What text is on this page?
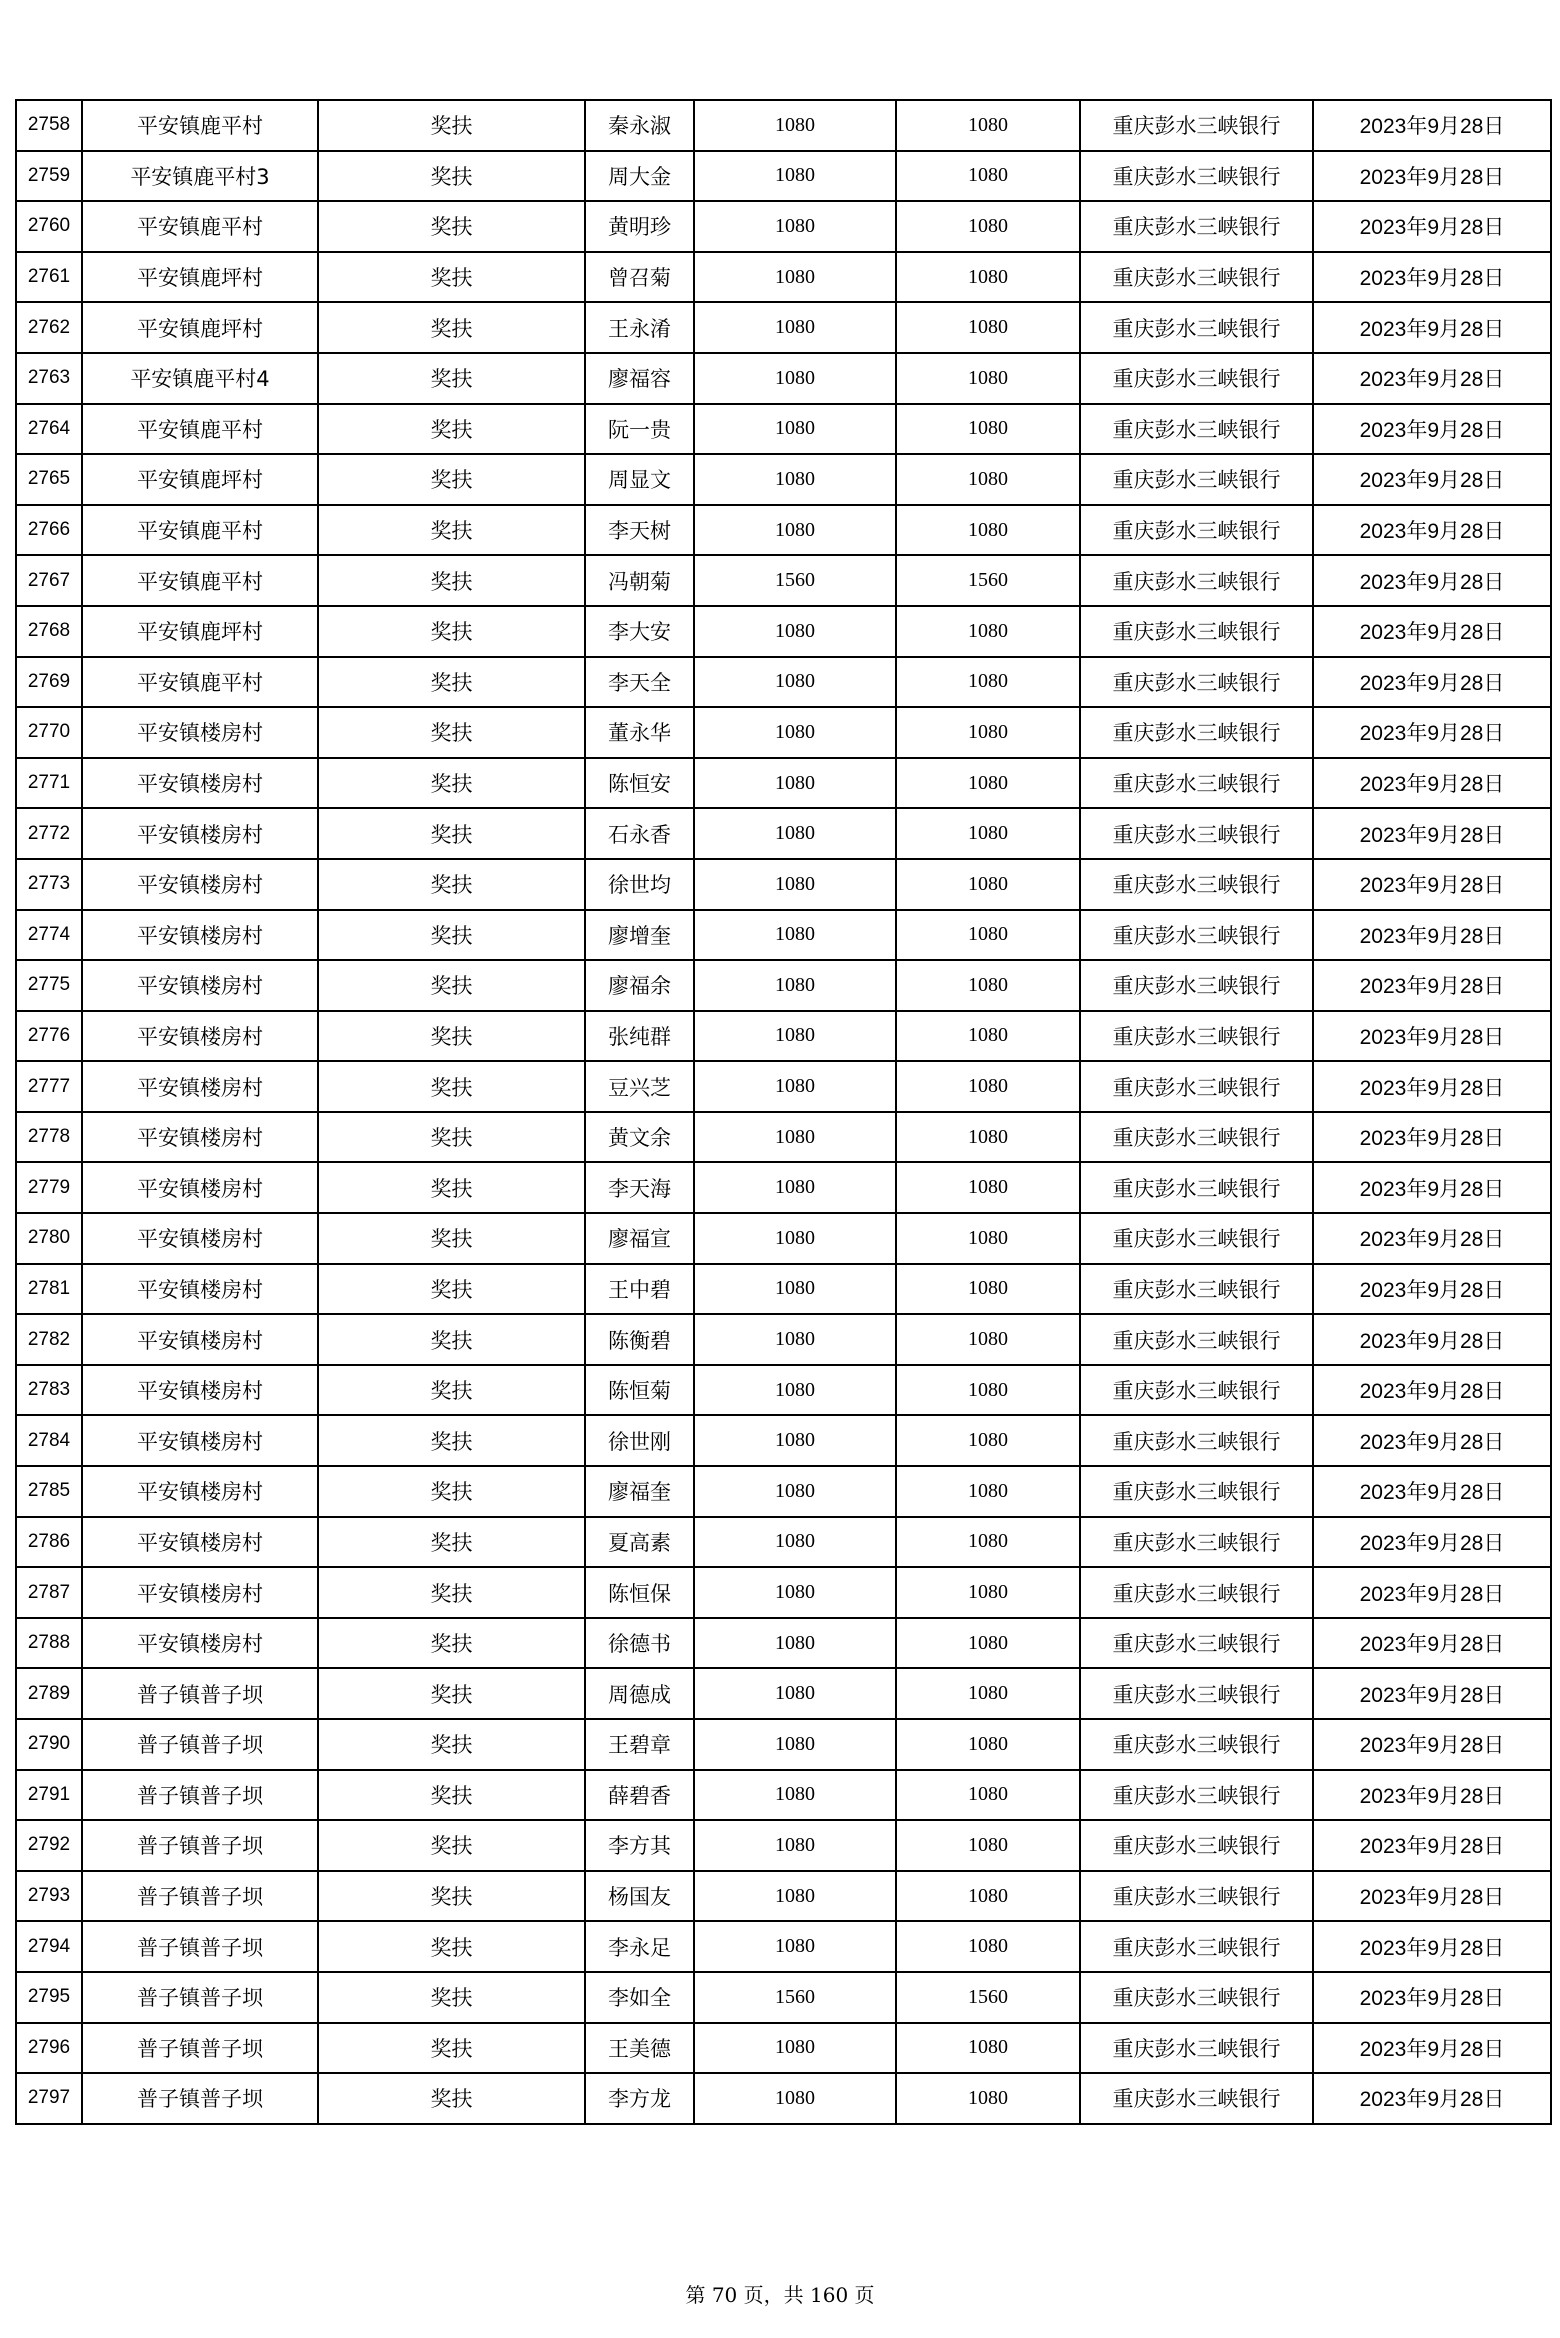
2758	平安镇鹿平村	奖扶	秦永淑	1080	1080	重庆彭水三峡银行	2023年9月28日
2759	平安镇鹿平村3	奖扶	周大金	1080	1080	重庆彭水三峡银行	2023年9月28日
2760	平安镇鹿平村	奖扶	黄明珍	1080	1080	重庆彭水三峡银行	2023年9月28日
2761	平安镇鹿坪村	奖扶	曾召菊	1080	1080	重庆彭水三峡银行	2023年9月28日
2762	平安镇鹿坪村	奖扶	王永淆	1080	1080	重庆彭水三峡银行	2023年9月28日
2763	平安镇鹿平村4	奖扶	廖福容	1080	1080	重庆彭水三峡银行	2023年9月28日
2764	平安镇鹿平村	奖扶	阮一贵	1080	1080	重庆彭水三峡银行	2023年9月28日
2765	平安镇鹿坪村	奖扶	周显文	1080	1080	重庆彭水三峡银行	2023年9月28日
2766	平安镇鹿平村	奖扶	李天树	1080	1080	重庆彭水三峡银行	2023年9月28日
2767	平安镇鹿平村	奖扶	冯朝菊	1560	1560	重庆彭水三峡银行	2023年9月28日
2768	平安镇鹿坪村	奖扶	李大安	1080	1080	重庆彭水三峡银行	2023年9月28日
2769	平安镇鹿平村	奖扶	李天全	1080	1080	重庆彭水三峡银行	2023年9月28日
2770	平安镇楼房村	奖扶	董永华	1080	1080	重庆彭水三峡银行	2023年9月28日
2771	平安镇楼房村	奖扶	陈恒安	1080	1080	重庆彭水三峡银行	2023年9月28日
2772	平安镇楼房村	奖扶	石永香	1080	1080	重庆彭水三峡银行	2023年9月28日
2773	平安镇楼房村	奖扶	徐世均	1080	1080	重庆彭水三峡银行	2023年9月28日
2774	平安镇楼房村	奖扶	廖增奎	1080	1080	重庆彭水三峡银行	2023年9月28日
2775	平安镇楼房村	奖扶	廖福余	1080	1080	重庆彭水三峡银行	2023年9月28日
2776	平安镇楼房村	奖扶	张纯群	1080	1080	重庆彭水三峡银行	2023年9月28日
2777	平安镇楼房村	奖扶	豆兴芝	1080	1080	重庆彭水三峡银行	2023年9月28日
2778	平安镇楼房村	奖扶	黄文余	1080	1080	重庆彭水三峡银行	2023年9月28日
2779	平安镇楼房村	奖扶	李天海	1080	1080	重庆彭水三峡银行	2023年9月28日
2780	平安镇楼房村	奖扶	廖福宣	1080	1080	重庆彭水三峡银行	2023年9月28日
2781	平安镇楼房村	奖扶	王中碧	1080	1080	重庆彭水三峡银行	2023年9月28日
2782	平安镇楼房村	奖扶	陈衡碧	1080	1080	重庆彭水三峡银行	2023年9月28日
2783	平安镇楼房村	奖扶	陈恒菊	1080	1080	重庆彭水三峡银行	2023年9月28日
2784	平安镇楼房村	奖扶	徐世刚	1080	1080	重庆彭水三峡银行	2023年9月28日
2785	平安镇楼房村	奖扶	廖福奎	1080	1080	重庆彭水三峡银行	2023年9月28日
2786	平安镇楼房村	奖扶	夏高素	1080	1080	重庆彭水三峡银行	2023年9月28日
2787	平安镇楼房村	奖扶	陈恒保	1080	1080	重庆彭水三峡银行	2023年9月28日
2788	平安镇楼房村	奖扶	徐德书	1080	1080	重庆彭水三峡银行	2023年9月28日
2789	普子镇普子坝	奖扶	周德成	1080	1080	重庆彭水三峡银行	2023年9月28日
2790	普子镇普子坝	奖扶	王碧章	1080	1080	重庆彭水三峡银行	2023年9月28日
2791	普子镇普子坝	奖扶	薛碧香	1080	1080	重庆彭水三峡银行	2023年9月28日
2792	普子镇普子坝	奖扶	李方其	1080	1080	重庆彭水三峡银行	2023年9月28日
2793	普子镇普子坝	奖扶	杨国友	1080	1080	重庆彭水三峡银行	2023年9月28日
2794	普子镇普子坝	奖扶	李永足	1080	1080	重庆彭水三峡银行	2023年9月28日
2795	普子镇普子坝	奖扶	李如全	1560	1560	重庆彭水三峡银行	2023年9月28日
2796	普子镇普子坝	奖扶	王美德	1080	1080	重庆彭水三峡银行	2023年9月28日
2797	普子镇普子坝	奖扶	李方龙	1080	1080	重庆彭水三峡银行	2023年9月28日
第 70 页，共 160 页
